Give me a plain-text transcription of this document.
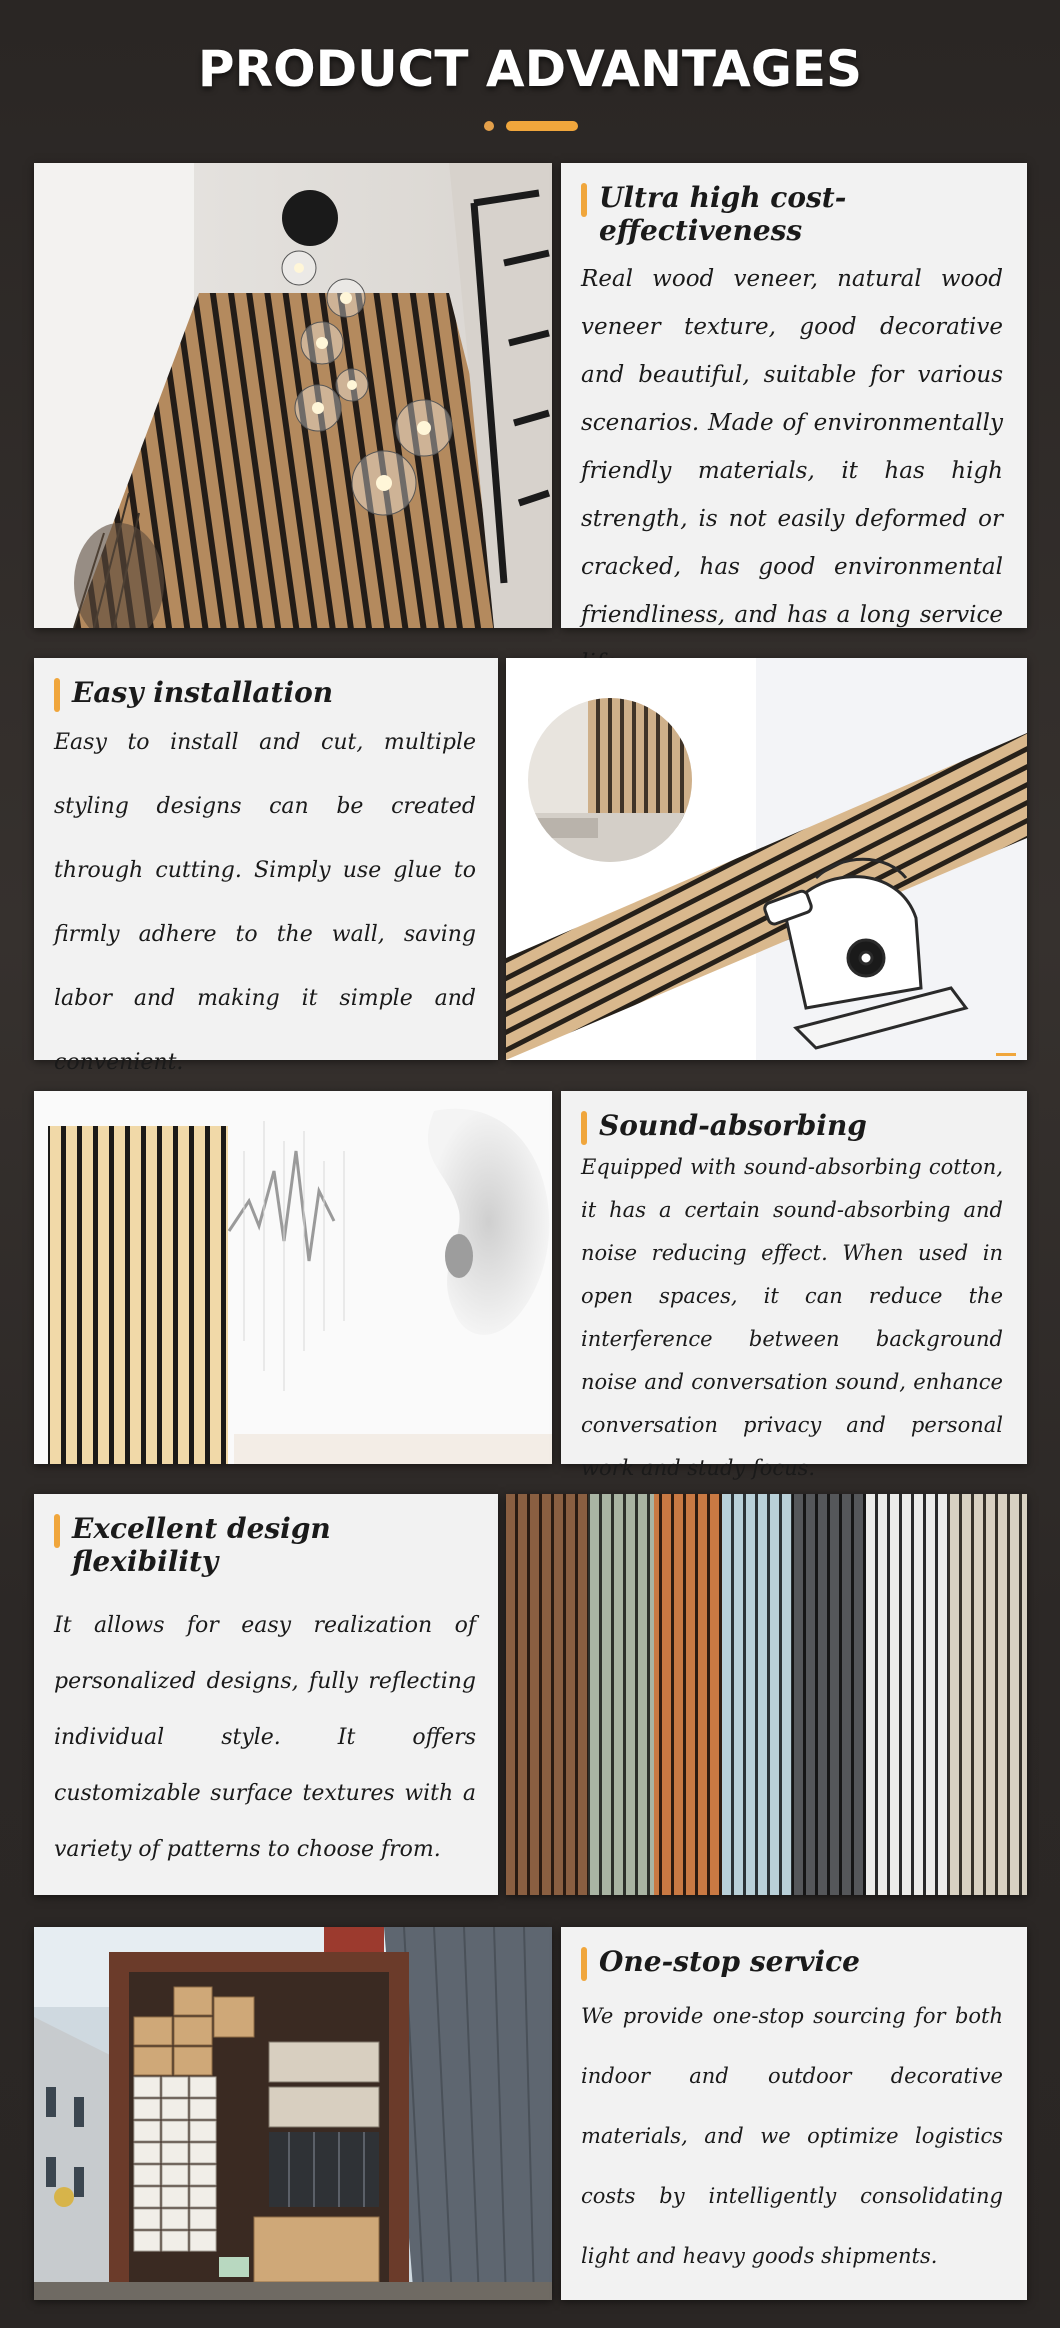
PRODUCT ADVANTAGES
Ultra high cost-effectiveness

Real wood veneer, natural wood veneer texture, good decorative and beautiful, suitable for various scenarios. Made of environmentally friendly materials, it has high strength, is not easily deformed or cracked, has good environmental friendliness, and has a long service

Easy installation

Easy to install and cut, multiple styling designs can be created through cutting. Simply use glue to firmly adhere to the wall, saving labor and making it simple and convenient.

Sound-absorbing

Equipped with sound-absorbing cotton, it has a certain sound-absorbing and noise reducing effect. When used in open spaces, it can reduce the interference between background noise and conversation sound, enhance conversation privacy and personal work and study focus.

Excellent design flexibility

It allows for easy realization of personalized designs, fully reflecting individual style. It offers customizable surface textures with a variety of patterns to choose from.

One-stop service

We provide one-stop sourcing for both indoor and outdoor decorative materials, and we optimize logistics costs by intelligently consolidating light and heavy goods shipments.
